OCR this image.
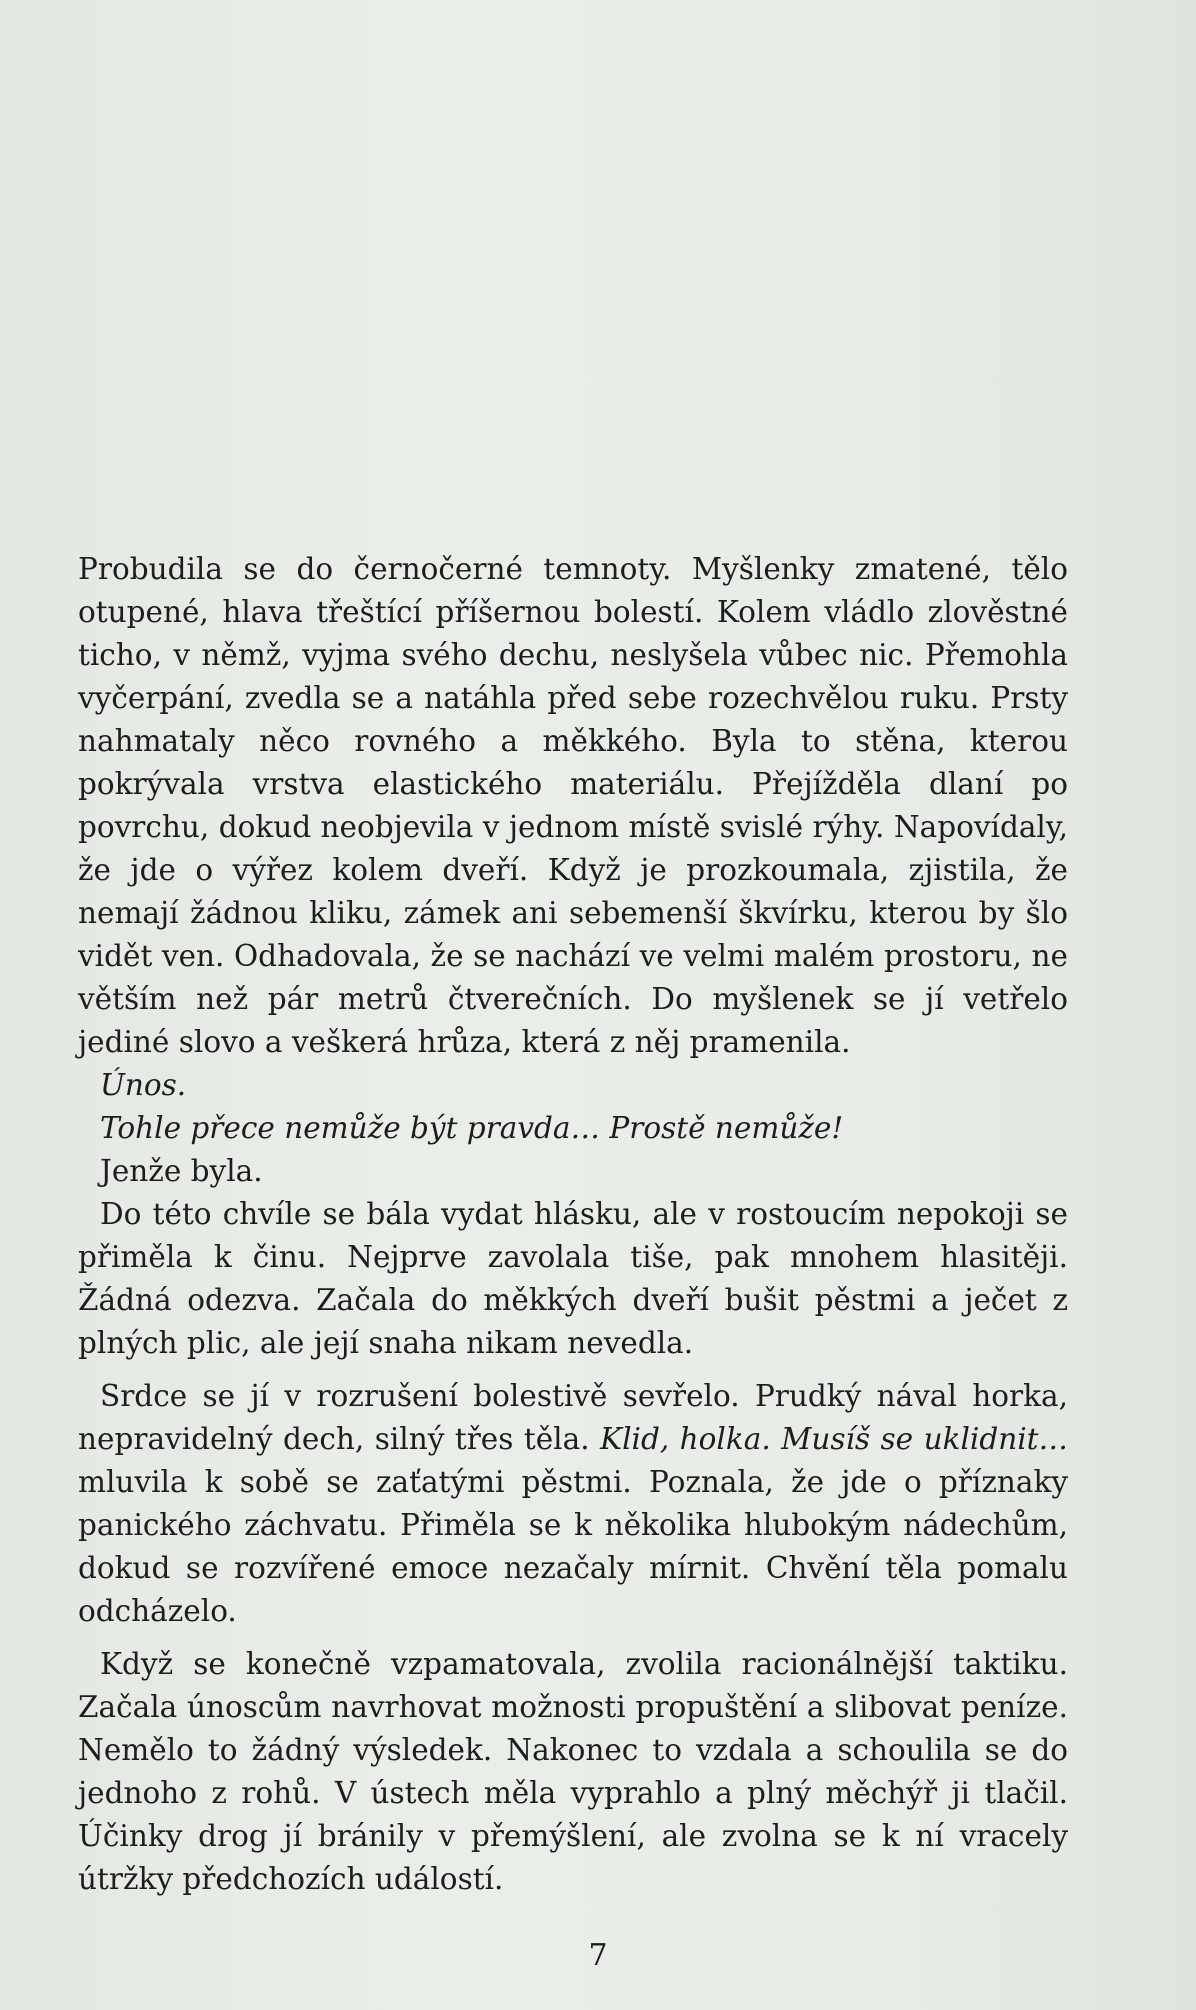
Probudila se do černočerné temnoty. Myšlenky zmatené, tělo otupené, hlava třeštící příšernou bolestí. Kolem vládlo zlověstné ticho, v němž, vyjma svého dechu, neslyšela vůbec nic. Přemohla vyčerpání, zvedla se a natáhla před sebe rozechvělou ruku. Prsty nahmataly něco rovného a měkkého. Byla to stěna, kterou pokrývala vrstva elastického materiálu. Přejížděla dlaní po povrchu, dokud neobjevila v jednom místě svislé rýhy. Napovídaly, že jde o výřez kolem dveří. Když je prozkoumala, zjistila, že nemají žádnou kliku, zámek ani sebemenší škvírku, kterou by šlo vidět ven. Odhadovala, že se nachází ve velmi malém prostoru, ne větším než pár metrů čtverečních. Do myšlenek se jí vetřelo jediné slovo a veškerá hrůza, která z něj pramenila.

Únos.

Tohle přece nemůže být pravda… Prostě nemůže!

Jenže byla.

Do této chvíle se bála vydat hlásku, ale v rostoucím nepokoji se přiměla k činu. Nejprve zavolala tiše, pak mnohem hlasitěji. Žádná odezva. Začala do měkkých dveří bušit pěstmi a ječet z plných plic, ale její snaha nikam nevedla.

Srdce se jí v rozrušení bolestivě sevřelo. Prudký nával horka, nepravidelný dech, silný třes těla. Klid, holka. Musíš se uklidnit… mluvila k sobě se zaťatými pěstmi. Poznala, že jde o příznaky panického záchvatu. Přiměla se k několika hlubokým nádechům, dokud se rozvířené emoce nezačaly mírnit. Chvění těla pomalu odcházelo.

Když se konečně vzpamatovala, zvolila racionálnější taktiku. Začala únoscům navrhovat možnosti propuštění a slibovat peníze. Nemělo to žádný výsledek. Nakonec to vzdala a schoulila se do jednoho z rohů. V ústech měla vyprahlo a plný měchýř ji tlačil. Účinky drog jí bránily v přemýšlení, ale zvolna se k ní vracely útržky předchozích událostí.

7
